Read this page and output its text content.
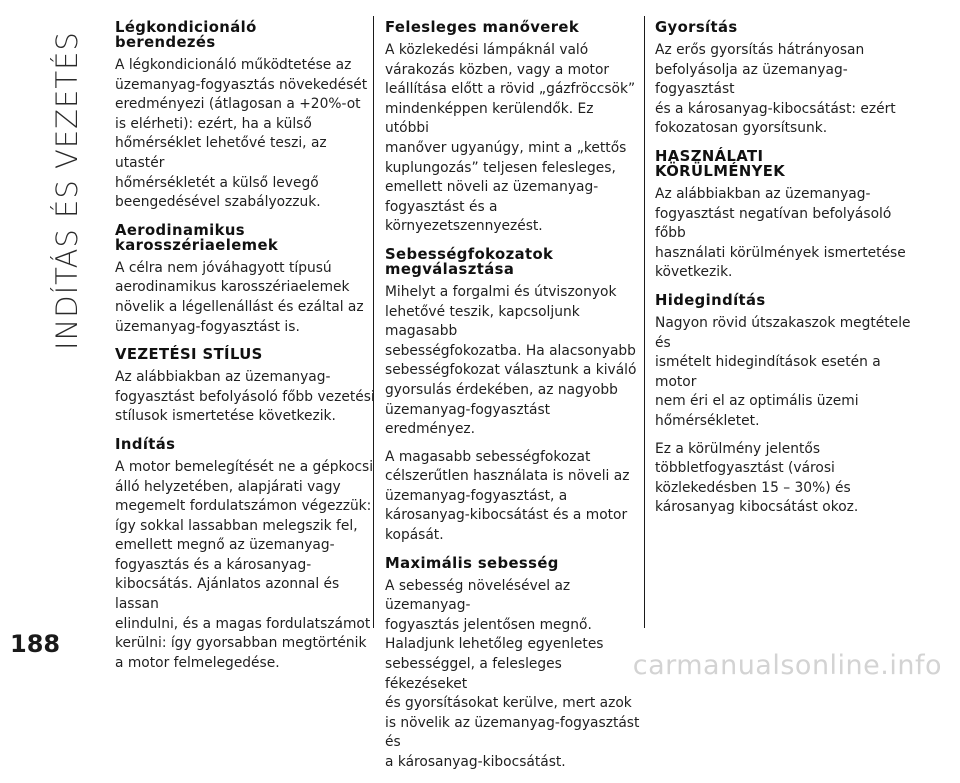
INDÍTÁS ÉS VEZETÉS
188
Légkondicionáló
berendezés

A légkondicionáló működtetése az
üzemanyag-fogyasztás növekedését
eredményezi (átlagosan a +20%-ot
is elérheti): ezért, ha a külső
hőmérséklet lehetővé teszi, az utastér
hőmérsékletét a külső levegő
beengedésével szabályozzuk.

Aerodinamikus
karosszériaelemek

A célra nem jóváhagyott típusú
aerodinamikus karosszériaelemek
növelik a légellenállást és ezáltal az
üzemanyag-fogyasztást is.

VEZETÉSI STÍLUS

Az alábbiakban az üzemanyag-
fogyasztást befolyásoló főbb vezetési
stílusok ismertetése következik.

Indítás

A motor bemelegítését ne a gépkocsi
álló helyzetében, alapjárati vagy
megemelt fordulatszámon végezzük:
így sokkal lassabban melegszik fel,
emellett megnő az üzemanyag-
fogyasztás és a károsanyag-
kibocsátás. Ajánlatos azonnal és lassan
elindulni, és a magas fordulatszámot
kerülni: így gyorsabban megtörténik
a motor felmelegedése.

Felesleges manőverek

A közlekedési lámpáknál való
várakozás közben, vagy a motor
leállítása előtt a rövid „gázfröccsök”
mindenképpen kerülendők. Ez utóbbi
manőver ugyanúgy, mint a „kettős
kuplungozás” teljesen felesleges,
emellett növeli az üzemanyag-
fogyasztást és a környezetszennyezést.

Sebességfokozatok
megválasztása

Mihelyt a forgalmi és útviszonyok
lehetővé teszik, kapcsoljunk magasabb
sebességfokozatba. Ha alacsonyabb
sebességfokozat választunk a kiváló
gyorsulás érdekében, az nagyobb
üzemanyag-fogyasztást eredményez.

A magasabb sebességfokozat
célszerűtlen használata is növeli az
üzemanyag-fogyasztást, a
károsanyag-kibocsátást és a motor
kopását.

Maximális sebesség

A sebesség növelésével az üzemanyag-
fogyasztás jelentősen megnő.
Haladjunk lehetőleg egyenletes
sebességgel, a felesleges fékezéseket
és gyorsításokat kerülve, mert azok
is növelik az üzemanyag-fogyasztást és
a károsanyag-kibocsátást.

Gyorsítás

Az erős gyorsítás hátrányosan
befolyásolja az üzemanyag-fogyasztást
és a károsanyag-kibocsátást: ezért
fokozatosan gyorsítsunk.

HASZNÁLATI
KÖRÜLMÉNYEK

Az alábbiakban az üzemanyag-
fogyasztást negatívan befolyásoló főbb
használati körülmények ismertetése
következik.

Hidegindítás

Nagyon rövid útszakaszok megtétele és
ismételt hidegindítások esetén a motor
nem éri el az optimális üzemi
hőmérsékletet.

Ez a körülmény jelentős
többletfogyasztást (városi
közlekedésben 15 – 30%) és
károsanyag kibocsátást okoz.

carmanualsonline.info
